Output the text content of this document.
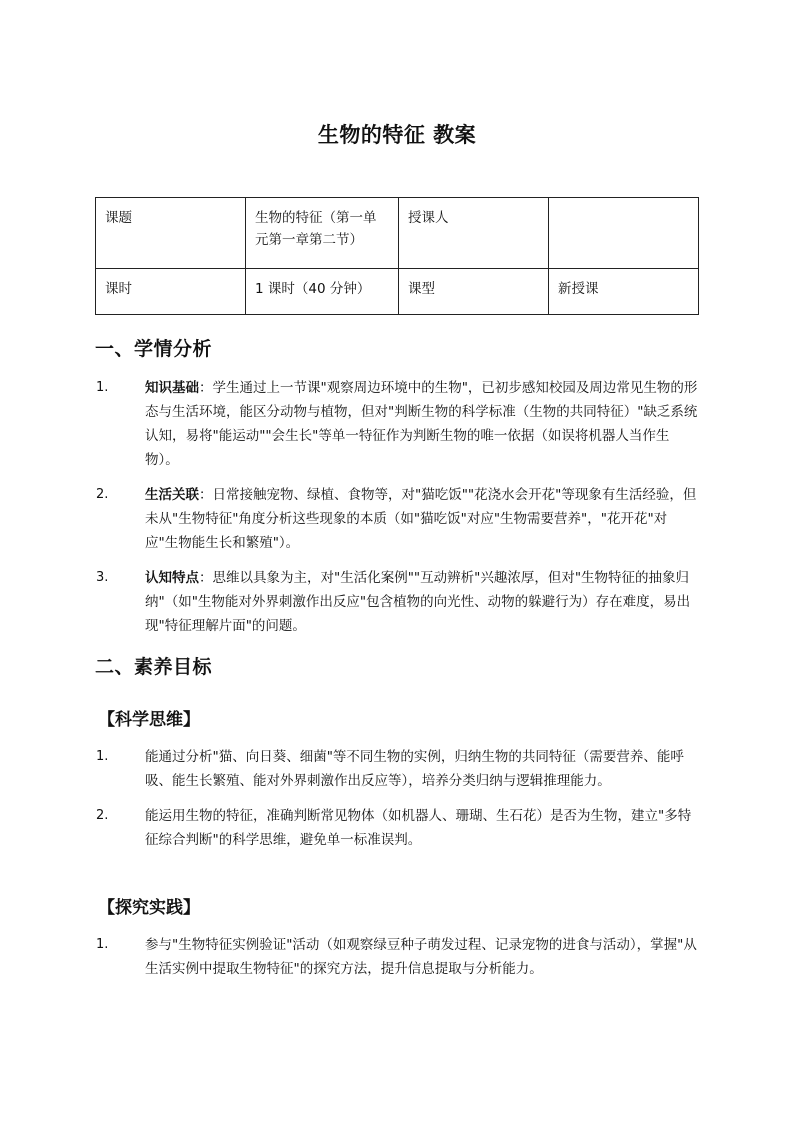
生物的特征 教案
课题	生物的特征（第一单元第一章第二节）	授课人	
课时	1 课时（40 分钟）	课型	新授课
一、学情分析
1.	知识基础：学生通过上一节课"观察周边环境中的生物"，已初步感知校园及周边常见生物的形态与生活环境，能区分动物与植物，但对"判断生物的科学标准（生物的共同特征）"缺乏系统认知，易将"能运动""会生长"等单一特征作为判断生物的唯一依据（如误将机器人当作生物）。
2.	生活关联：日常接触宠物、绿植、食物等，对"猫吃饭""花浇水会开花"等现象有生活经验，但未从"生物特征"角度分析这些现象的本质（如"猫吃饭"对应"生物需要营养"，"花开花"对应"生物能生长和繁殖"）。
3.	认知特点：思维以具象为主，对"生活化案例""互动辨析"兴趣浓厚，但对"生物特征的抽象归纳"（如"生物能对外界刺激作出反应"包含植物的向光性、动物的躲避行为）存在难度，易出现"特征理解片面"的问题。
二、素养目标
【科学思维】
1.	能通过分析"猫、向日葵、细菌"等不同生物的实例，归纳生物的共同特征（需要营养、能呼吸、能生长繁殖、能对外界刺激作出反应等），培养分类归纳与逻辑推理能力。
2.	能运用生物的特征，准确判断常见物体（如机器人、珊瑚、生石花）是否为生物，建立"多特征综合判断"的科学思维，避免单一标准误判。
【探究实践】
1.	参与"生物特征实例验证"活动（如观察绿豆种子萌发过程、记录宠物的进食与活动），掌握"从生活实例中提取生物特征"的探究方法，提升信息提取与分析能力。
